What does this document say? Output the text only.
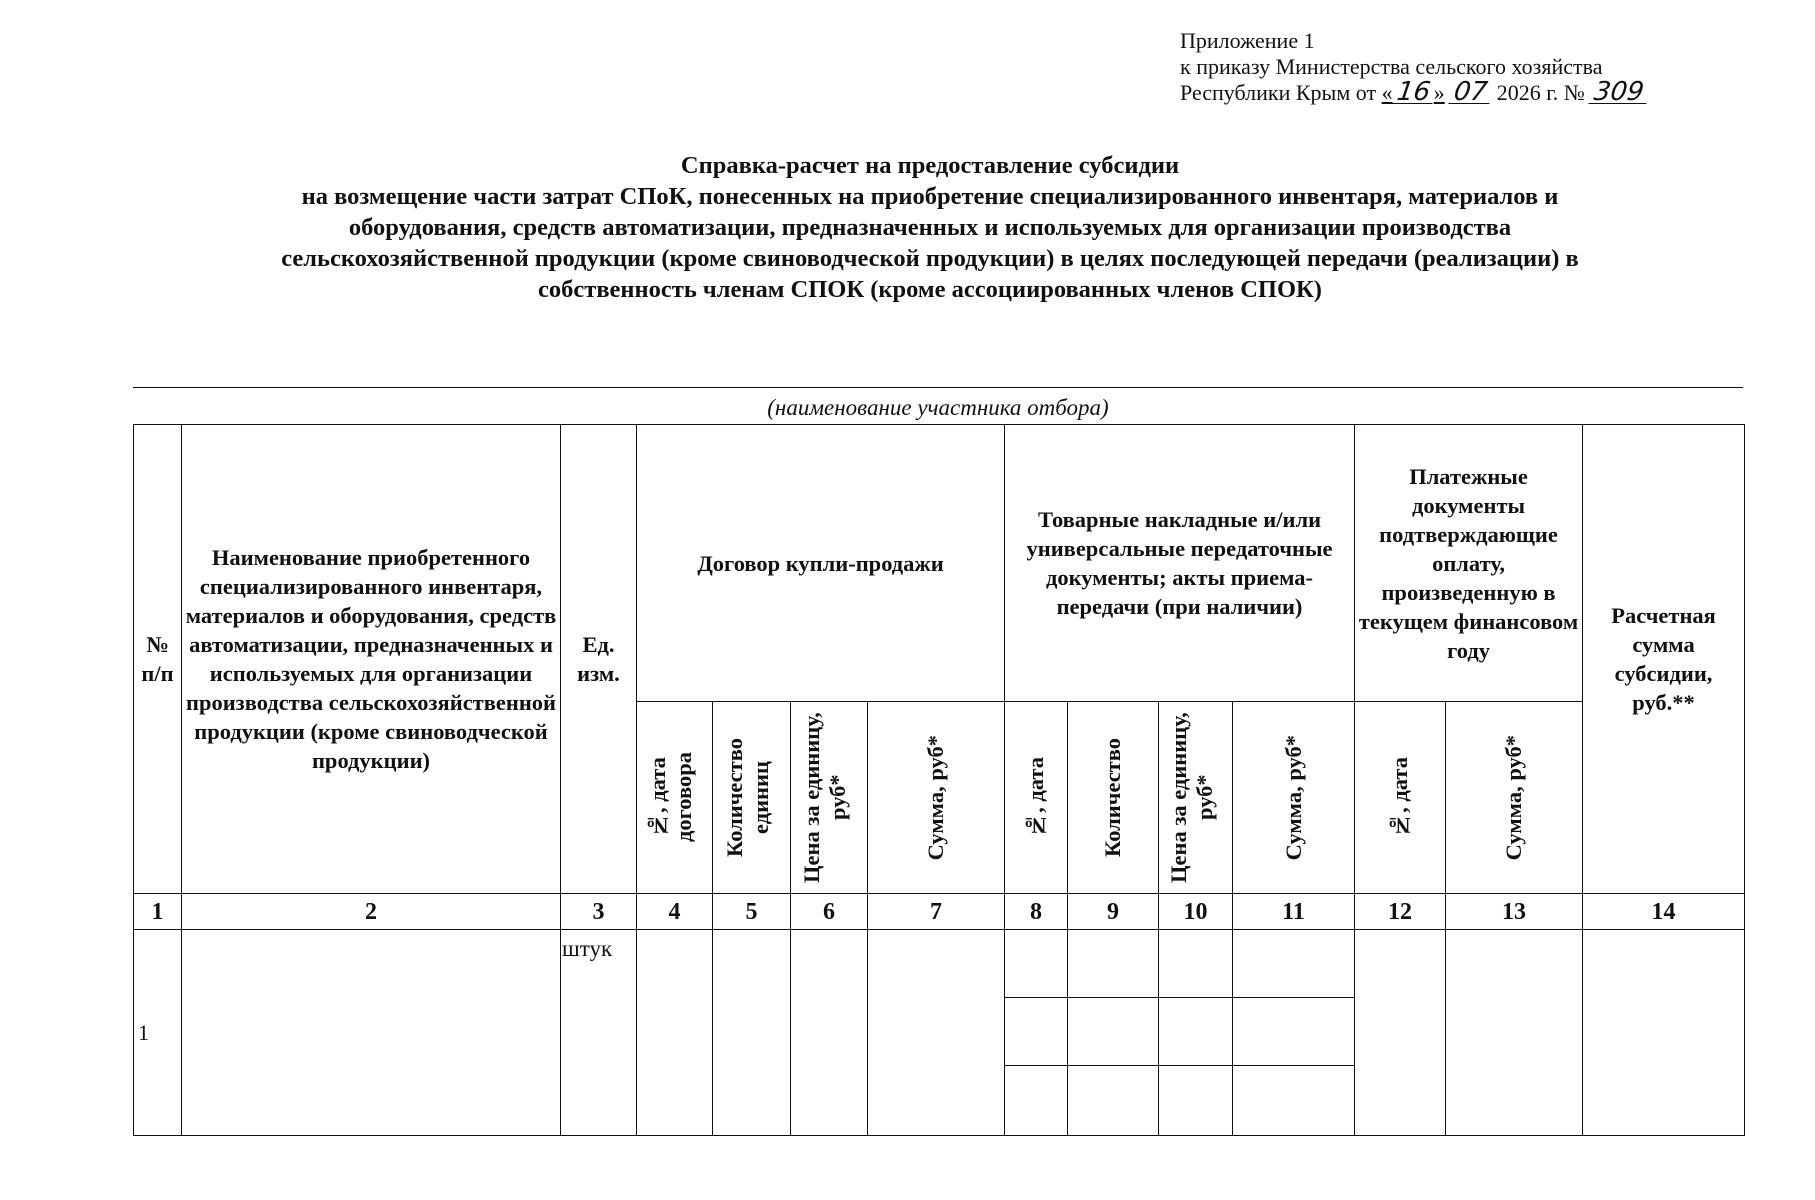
Приложение 1
к приказу Министерства сельского хозяйства
Республики Крым от «16» 07 2026 г. № 309
Справка-расчет на предоставление субсидии
на возмещение части затрат СПоК, понесенных на приобретение специализированного инвентаря, материалов и
оборудования, средств автоматизации, предназначенных и используемых для организации производства
сельскохозяйственной продукции (кроме свиноводческой продукции) в целях последующей передачи (реализации) в
собственность членам СПОК (кроме ассоциированных членов СПОК)
(наименование участника отбора)
№ п/п	Наименование приобретенного специализированного инвентаря, материалов и оборудования, средств автоматизации, предназначенных и используемых для организации производства сельскохозяйственной продукции (кроме свиноводческой продукции)	Ед. изм.	Договор купли-продажи				Товарные накладные и/или универсальные передаточные документы; акты приема-передачи (при наличии)				Платежные документы подтверждающие оплату, произведенную в текущем финансовом году		Расчетная сумма субсидии, руб.**

			№, дата договора	Количество единиц	Цена за единицу, руб*	Сумма, руб*	№, дата	Количество	Цена за единицу, руб*	Сумма, руб*	№, дата	Сумма, руб*	

1	2	3	4	5	6	7	8	9	10	11	12	13	14

1		штук											
